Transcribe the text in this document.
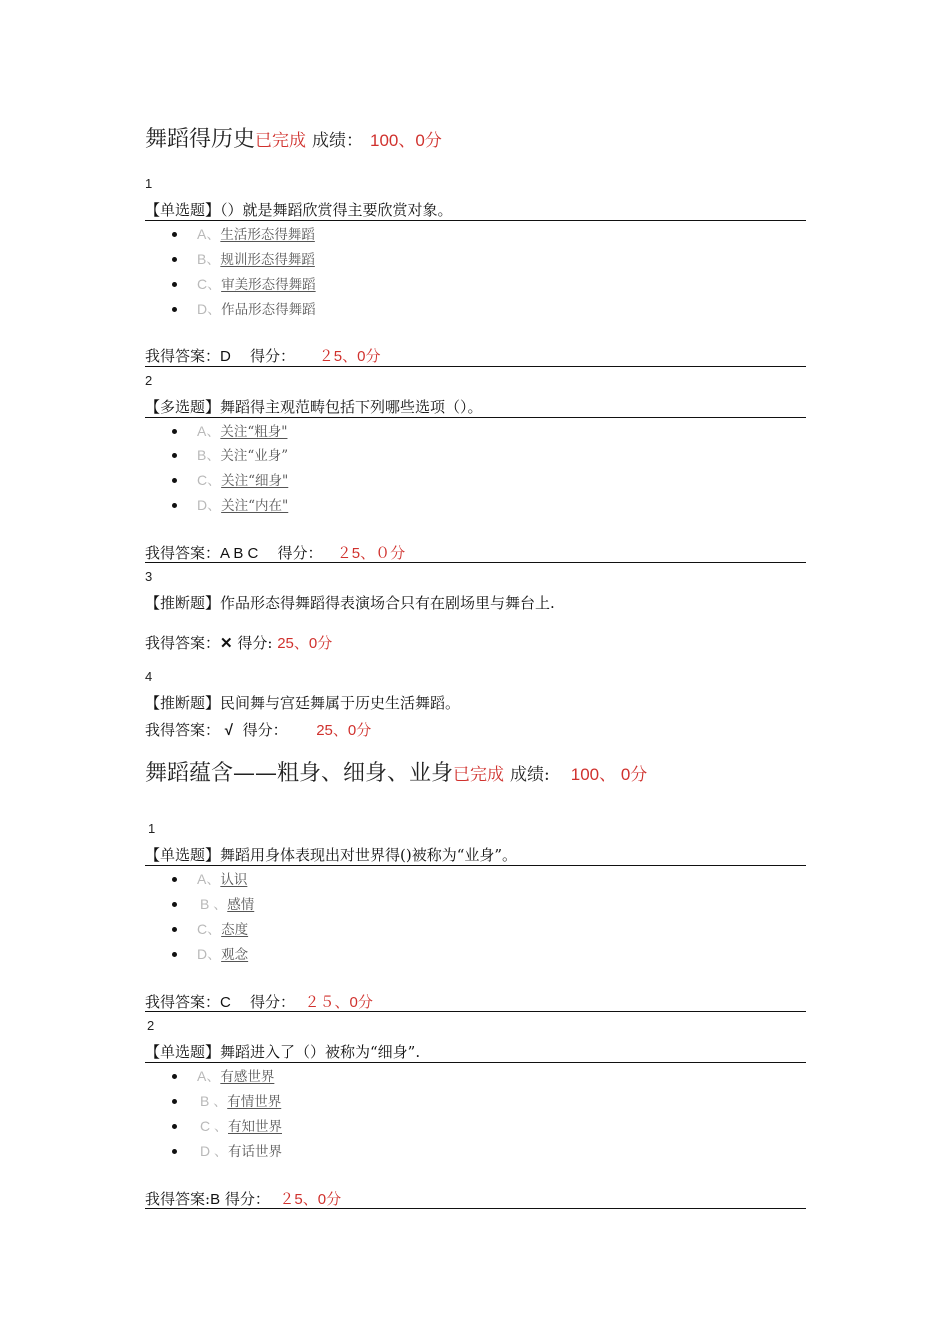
舞蹈得历史已完成 成绩： 100、0分
1
【单选题】（）就是舞蹈欣赏得主要欣赏对象。
A、生活形态得舞蹈
B、规训形态得舞蹈
C、审美形态得舞蹈
D、作品形态得舞蹈
我得答案：D 得分： ２5、0分
2
【多选题】舞蹈得主观范畴包括下列哪些选项（）。
A、关注“粗身"
B、关注“业身”
C、关注“细身"
D、关注“内在"
我得答案：A B C 得分： ２5、０分
3
【推断题】作品形态得舞蹈得表演场合只有在剧场里与舞台上.
我得答案：✕ 得分: 25、0分
4
【推断题】民间舞与宫廷舞属于历史生活舞蹈。
我得答案： √ 得分： 25、0分
舞蹈蕴含——粗身、细身、业身已完成 成绩: 100、 0分
1
【单选题】舞蹈用身体表现出对世界得()被称为“业身”。
A、认识
B 、感情
C、态度
D、观念
我得答案：C 得分： ２５、0分
2
【单选题】舞蹈进入了（）被称为“细身”.
A、有感世界
B 、有情世界
C 、有知世界
D 、有话世界
我得答案:B 得分： ２5、0分
